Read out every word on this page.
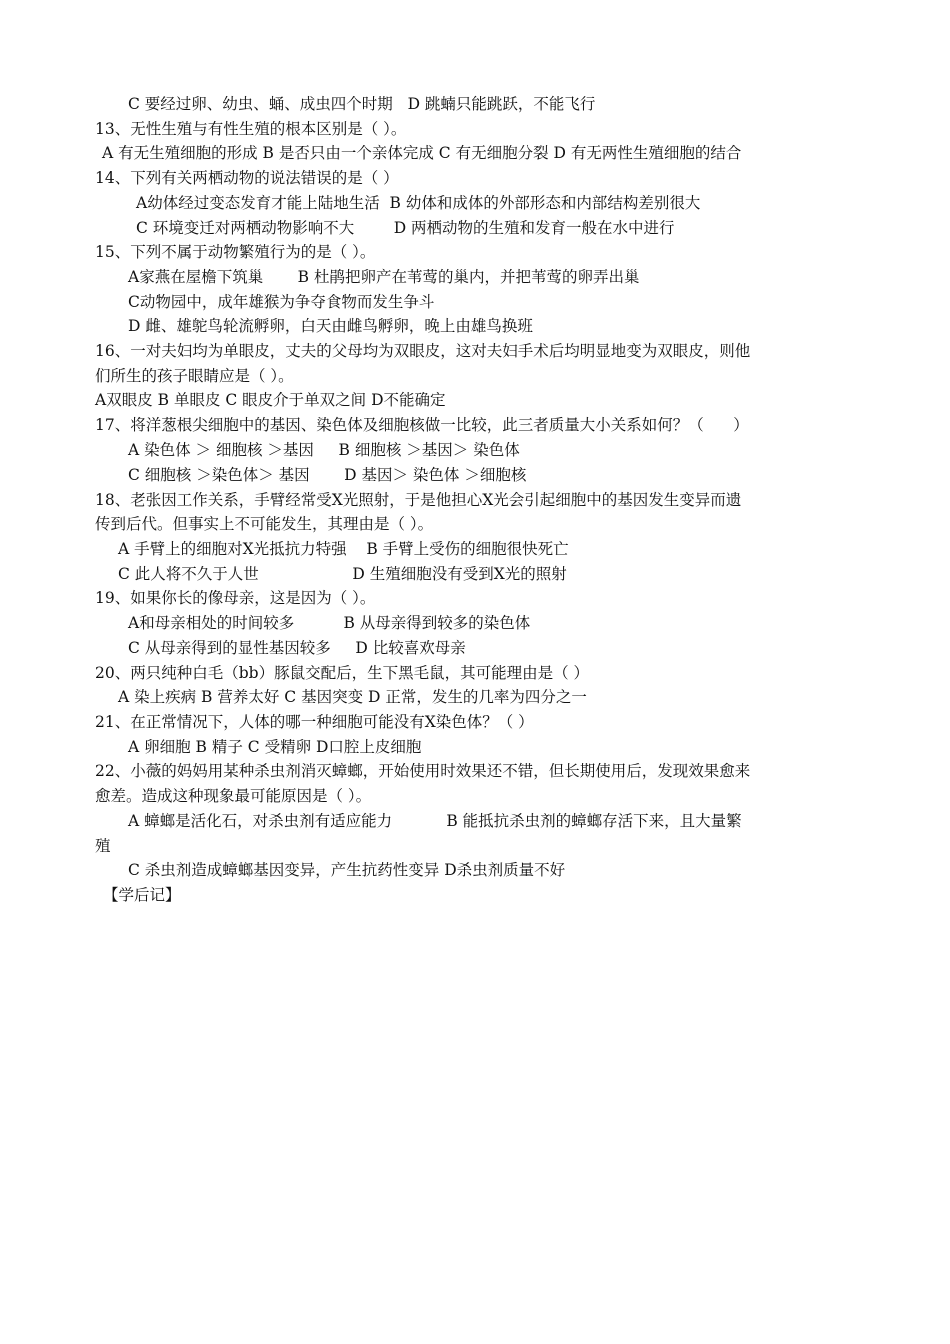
C 要经过卵、幼虫、蛹、成虫四个时期   D 跳蝻只能跳跃，不能飞行
13、无性生殖与有性生殖的根本区别是（ ）。
A 有无生殖细胞的形成 B 是否只由一个亲体完成 C 有无细胞分裂 D 有无两性生殖细胞的结合
14、下列有关两栖动物的说法错误的是（ ）
A幼体经过变态发育才能上陆地生活  B 幼体和成体的外部形态和内部结构差别很大
C 环境变迁对两栖动物影响不大        D 两栖动物的生殖和发育一般在水中进行
15、下列不属于动物繁殖行为的是（ ）。
A家燕在屋檐下筑巢       B 杜鹃把卵产在苇莺的巢内，并把苇莺的卵弄出巢
C动物园中，成年雄猴为争夺食物而发生争斗
D 雌、雄鸵鸟轮流孵卵，白天由雌鸟孵卵，晚上由雄鸟换班
16、一对夫妇均为单眼皮，丈夫的父母均为双眼皮，这对夫妇手术后均明显地变为双眼皮，则他
们所生的孩子眼睛应是（ ）。
A双眼皮 B 单眼皮 C 眼皮介于单双之间 D不能确定
17、将洋葱根尖细胞中的基因、染色体及细胞核做一比较，此三者质量大小关系如何？（      ）
A 染色体 ＞ 细胞核 ＞基因     B 细胞核 ＞基因＞ 染色体
C 细胞核 ＞染色体＞ 基因       D 基因＞ 染色体 ＞细胞核
18、老张因工作关系，手臂经常受X光照射，于是他担心X光会引起细胞中的基因发生变异而遗
传到后代。但事实上不可能发生，其理由是（ ）。
A 手臂上的细胞对X光抵抗力特强    B 手臂上受伤的细胞很快死亡
C 此人将不久于人世                   D 生殖细胞没有受到X光的照射
19、如果你长的像母亲，这是因为（ ）。
A和母亲相处的时间较多          B 从母亲得到较多的染色体
C 从母亲得到的显性基因较多     D 比较喜欢母亲
20、两只纯种白毛（bb）豚鼠交配后，生下黑毛鼠，其可能理由是（ ）
A 染上疾病 B 营养太好 C 基因突变 D 正常，发生的几率为四分之一
21、在正常情况下，人体的哪一种细胞可能没有X染色体？（ ）
A 卵细胞 B 精子 C 受精卵 D口腔上皮细胞
22、小薇的妈妈用某种杀虫剂消灭蟑螂，开始使用时效果还不错，但长期使用后，发现效果愈来
愈差。造成这种现象最可能原因是（ ）。
A 蟑螂是活化石，对杀虫剂有适应能力           B 能抵抗杀虫剂的蟑螂存活下来，且大量繁
殖
C 杀虫剂造成蟑螂基因变异，产生抗药性变异 D杀虫剂质量不好
【学后记】
